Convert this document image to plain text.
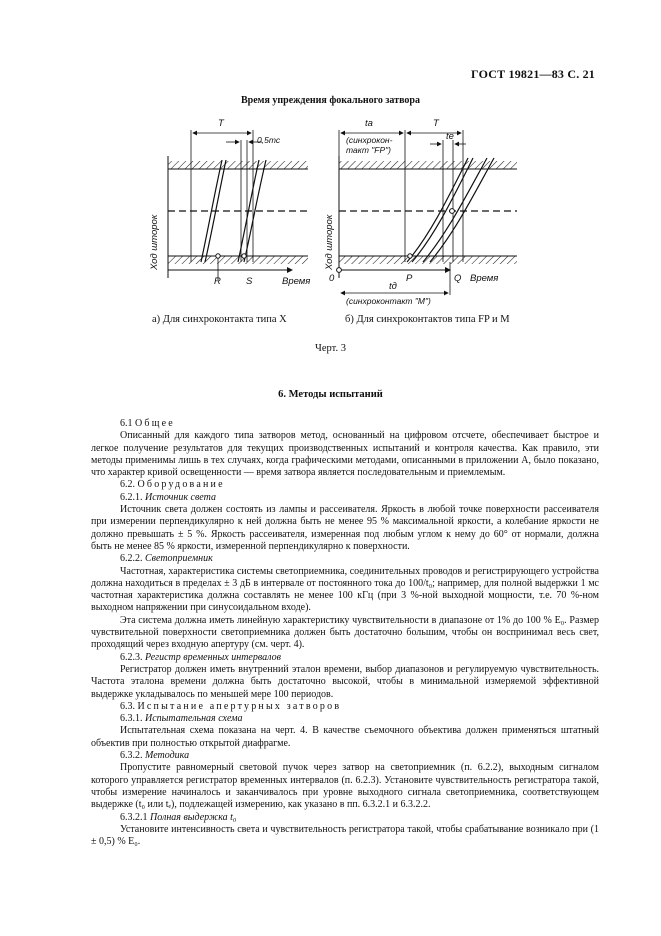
ГОСТ 19821—83 С. 21
Время упреждения фокального затвора
T
0,5mс
Ход шторок
R	S	Время
tа
(синхрокон-
такт "FP")
T
tе
Ход шторок
0	P	Q Время
tд
(синхроконтакт "М")
а) Для синхроконтакта типа X	б) Для синхроконтактов типа FP и М
Черт. 3
6. Методы испытаний

6.1 Общее

Описанный для каждого типа затворов метод, основанный на цифровом отсчете, обеспечивает быстрое и легкое получение результатов для текущих производственных испытаний и контроля качества. Как правило, эти методы применимы лишь в тех случаях, когда графическими методами, описанными в приложении А, было показано, что характер кривой освещенности — время затвора является последовательным и приемлемым.

6.2. Оборудование

6.2.1. Источник света

Источник света должен состоять из лампы и рассеивателя. Яркость в любой точке поверхности рассеивателя при измерении перпендикулярно к ней должна быть не менее 95 % максимальной яркости, а колебание яркости не должно превышать ± 5 %. Яркость рассеивателя, измеренная под любым углом к нему до 60° от нормали, должна быть не менее 85 % яркости, измеренной перпендикулярно к поверхности.

6.2.2. Светоприемник

Частотная, характеристика системы светоприемника, соединительных проводов и регистрирующего устройства должна находиться в пределах ± 3 дБ в интервале от постоянного тока до 100/t₀; например, для полной выдержки 1 мс частотная характеристика должна составлять не менее 100 кГц (при 3 %-ной выходной мощности, т.е. 70 %-ном выходном напряжении при синусоидальном входе).

Эта система должна иметь линейную характеристику чувствительности в диапазоне от 1% до 100 % E₀. Размер чувствительной поверхности светоприемника должен быть достаточно большим, чтобы он воспринимал весь свет, проходящий через входную апертуру (см. черт. 4).

6.2.3. Регистр временных интервалов

Регистратор должен иметь внутренний эталон времени, выбор диапазонов и регулируемую чувствительность. Частота эталона времени должна быть достаточно высокой, чтобы в минимальной измеряемой эффективной выдержке укладывалось по меньшей мере 100 периодов.

6.3. Испытание апертурных затворов

6.3.1. Испытательная схема

Испытательная схема показана на черт. 4. В качестве съемочного объектива должен применяться штатный объектив при полностью открытой диафрагме.

6.3.2. Методика

Пропустите равномерный световой пучок через затвор на светоприемник (п. 6.2.2), выходным сигналом которого управляется регистратор временных интервалов (п. 6.2.3). Установите чувствительность регистратора такой, чтобы измерение начиналось и заканчивалось при уровне выходного сигнала светоприемника, соответствующем выдержке (t₀ или tₑ), подлежащей измерению, как указано в пп. 6.3.2.1 и 6.3.2.2.

6.3.2.1 Полная выдержка t₀

Установите интенсивность света и чувствительность регистратора такой, чтобы срабатывание возникало при (1 ± 0,5) % E₀.
